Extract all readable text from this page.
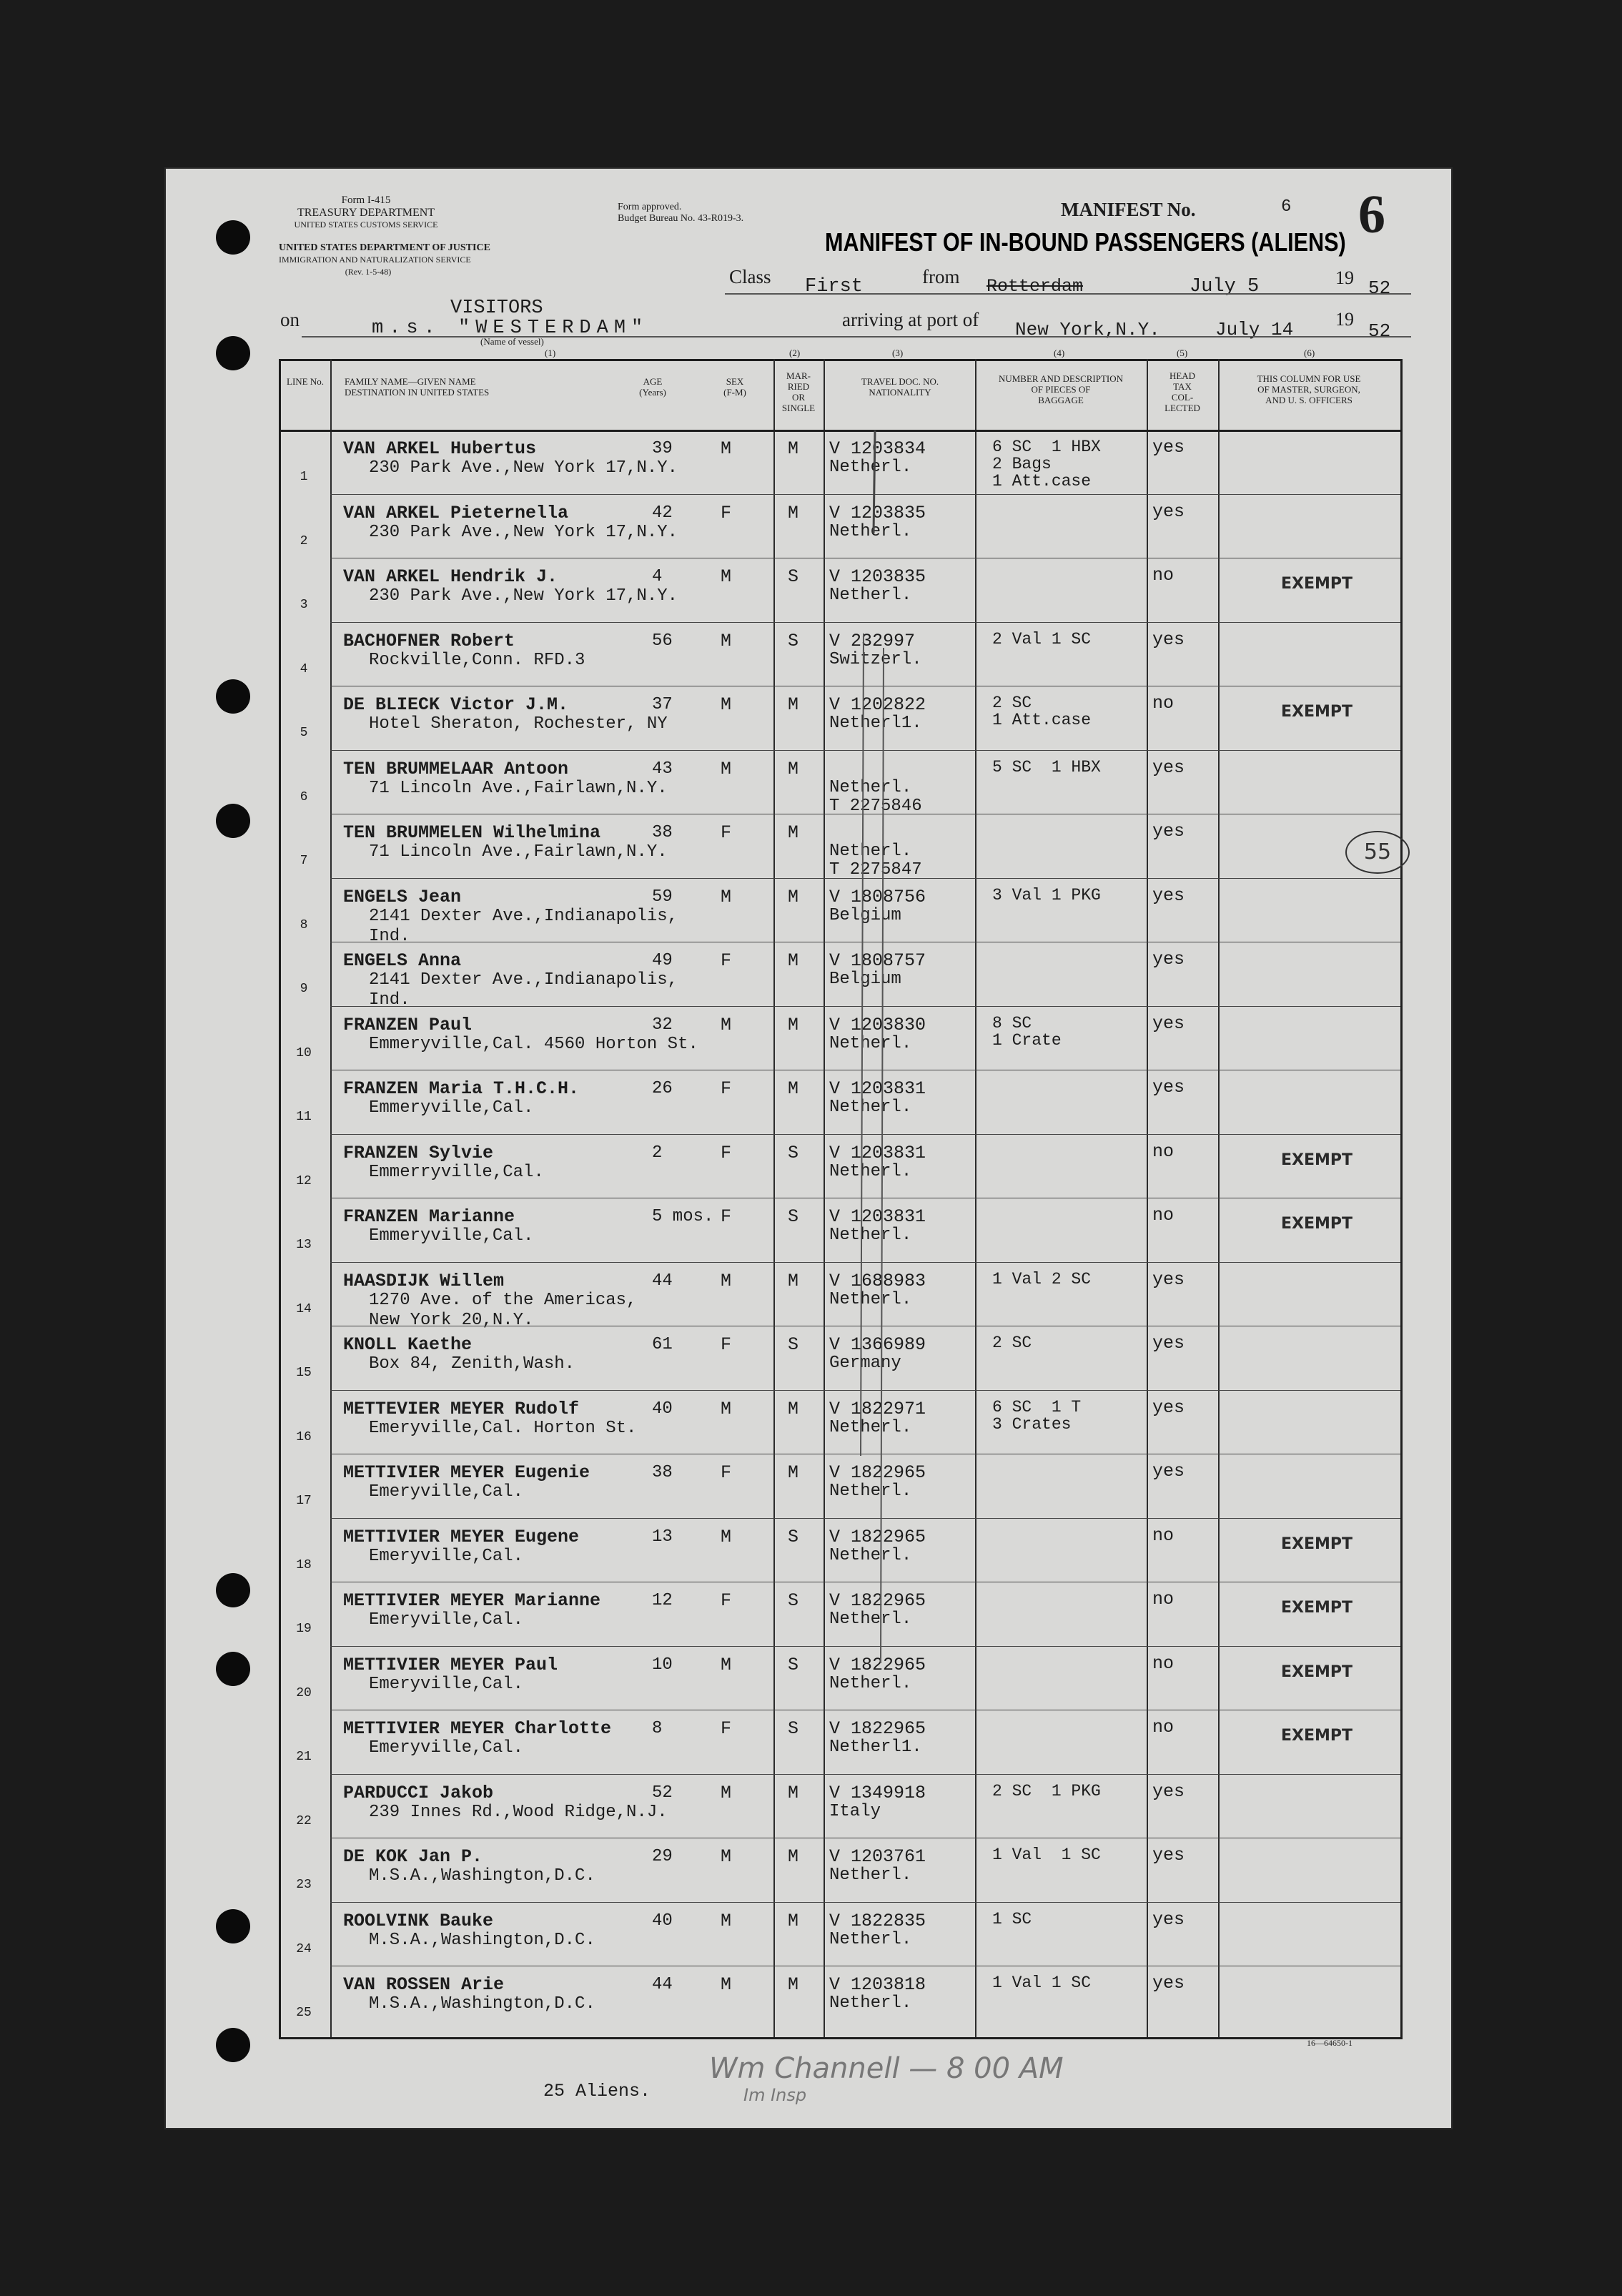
Form I-415
TREASURY DEPARTMENT
UNITED STATES CUSTOMS SERVICE
UNITED STATES DEPARTMENT OF JUSTICE
IMMIGRATION AND NATURALIZATION SERVICE
(Rev. 1-5-48)
Form approved.
Budget Bureau No. 43-R019-3.	MANIFEST No.	6 6
MANIFEST OF IN-BOUND PASSENGERS (ALIENS)
Class First	from Rotterdam	July 5	19 52
on
VISITORS
m.s. "WESTERDAM"
(Name of vessel)
arriving at port of New York,N.Y.	July 14 19
52
(1)	(2)	(3)	(4)	(5)	(6)
LINE No.	FAMILY NAME—GIVEN NAME
DESTINATION IN UNITED STATES
AGE
(Years)
SEX
(F-M)
MAR-
RIED
OR
SINGLE
TRAVEL DOC. NO.
NATIONALITY
NUMBER AND DESCRIPTION
OF PIECES OF
BAGGAGE
HEAD
TAX
COL-
LECTED
THIS COLUMN FOR USE
OF MASTER, SURGEON,
AND U. S. OFFICERS
1
VAN ARKEL Hubertus
230 Park Ave.,New York 17,N.Y.
39	M	M V 1203834
Netherl.
6 SC  1 HBX
2 Bags
1 Att.case
yes
2
VAN ARKEL Pieternella
230 Park Ave.,New York 17,N.Y.
42	F	M V 1203835
Netherl.
yes
3
VAN ARKEL Hendrik J.
230 Park Ave.,New York 17,N.Y.
4	M	S V 1203835
Netherl.
no	EXEMPT
4
BACHOFNER Robert
Rockville,Conn. RFD.3
56	M	S V 232997
Switzerl.
2 Val 1 SC	yes
5
DE BLIECK Victor J.M.
Hotel Sheraton, Rochester, NY
37	M	M V 1202822
Netherl1.
2 SC
1 Att.case
no	EXEMPT
6
TEN BRUMMELAAR Antoon
71 Lincoln Ave.,Fairlawn,N.Y.
43	M	M
Netherl.
T 2275846
5 SC  1 HBX	yes
7
TEN BRUMMELEN Wilhelmina
71 Lincoln Ave.,Fairlawn,N.Y.
38	F	M
Netherl.
T 2275847
yes
8
ENGELS Jean
2141 Dexter Ave.,Indianapolis,
Ind.
59	M	M V 1808756
Belgium
3 Val 1 PKG	yes
9
ENGELS Anna
2141 Dexter Ave.,Indianapolis,
Ind.
49	F	M V 1808757
Belgium
yes
10
FRANZEN Paul
Emmeryville,Cal. 4560 Horton St.
32	M	M V 1203830
Netherl.
8 SC
1 Crate
yes
11
FRANZEN Maria T.H.C.H.
Emmeryville,Cal.
26	F	M V 1203831
Netherl.
yes
12
FRANZEN Sylvie
Emmerryville,Cal.
2	F	S V 1203831
Netherl.
no	EXEMPT
13
FRANZEN Marianne
Emmeryville,Cal.
5 mos. F	S V 1203831
Netherl.
no	EXEMPT
14
HAASDIJK Willem
1270 Ave. of the Americas,
New York 20,N.Y.
44	M	M V 1688983
Netherl.
1 Val 2 SC	yes
15
KNOLL Kaethe
Box 84, Zenith,Wash.
61	F	S V 1366989
Germany
2 SC	yes
16
METTEVIER MEYER Rudolf
Emeryville,Cal. Horton St.
40	M	M V 1822971
Netherl.
6 SC  1 T
3 Crates
yes
17
METTIVIER MEYER Eugenie
Emeryville,Cal.
38	F	M V 1822965
Netherl.
yes
18
METTIVIER MEYER Eugene
Emeryville,Cal.
13	M	S V 1822965
Netherl.
no	EXEMPT
19
METTIVIER MEYER Marianne
Emeryville,Cal.
12	F	S V 1822965
Netherl.
no	EXEMPT
20
METTIVIER MEYER Paul
Emeryville,Cal.
10	M	S V 1822965
Netherl.
no	EXEMPT
21
METTIVIER MEYER Charlotte
Emeryville,Cal.
8	F	S V 1822965
Netherl1.
no	EXEMPT
22
PARDUCCI Jakob
239 Innes Rd.,Wood Ridge,N.J.
52	M	M V 1349918
Italy
2 SC  1 PKG	yes
23
DE KOK Jan P.
M.S.A.,Washington,D.C.
29	M	M V 1203761
Netherl.
1 Val  1 SC	yes
24
ROOLVINK Bauke
M.S.A.,Washington,D.C.
40	M	M V 1822835
Netherl.
1 SC	yes
25
VAN ROSSEN Arie
M.S.A.,Washington,D.C.
44	M	M V 1203818
Netherl.
1 Val 1 SC	yes
25 Aliens.
Wm Channell — 8 00 AM
Im Insp
16—64650-1
55
